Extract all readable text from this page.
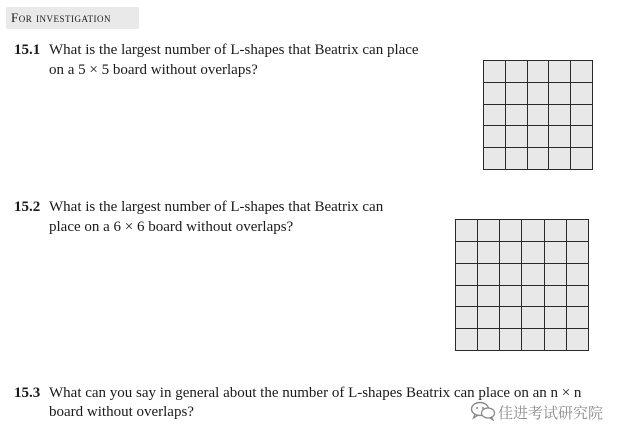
For investigation
15.1 What is the largest number of L-shapes that Beatrix can place
on a 5 × 5 board without overlaps?
15.2 What is the largest number of L-shapes that Beatrix can
place on a 6 × 6 board without overlaps?
15.3 What can you say in general about the number of L-shapes Beatrix can place on an n × n
board without overlaps?	佳进考试研究院
